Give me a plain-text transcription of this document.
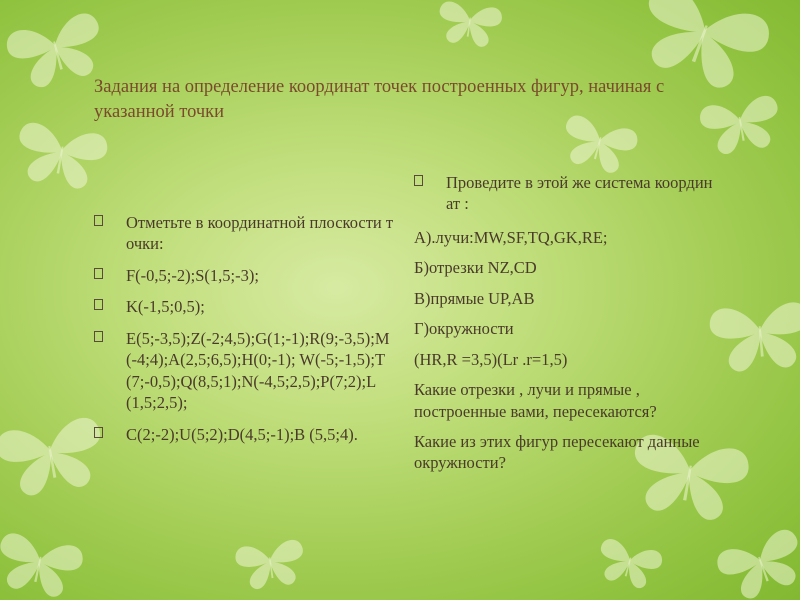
Задания на определение координат точек построенных фигур, начиная с указанной точки
Отметьте в координатной плоскости точки:
F(-0,5;-2);S(1,5;-3);
K(-1,5;0,5);
E(5;-3,5);Z(-2;4,5);G(1;-1);R(9;-3,5);M(-4;4);A(2,5;6,5);H(0;-1); W(-5;-1,5);T(7;-0,5);Q(8,5;1);N(-4,5;2,5);P(7;2);L(1,5;2,5);
C(2;-2);U(5;2);D(4,5;-1);B (5,5;4).
Проведите в этой же система координат :
А).лучи:MW,SF,TQ,GK,RE;
Б)отрезки NZ,CD
В)прямые UP,AB
Г)окружности
(HR,R =3,5)(Lr .r=1,5)
Какие отрезки , лучи и прямые , построенные вами, пересекаются?
Какие из этих фигур пересекают данные окружности?
